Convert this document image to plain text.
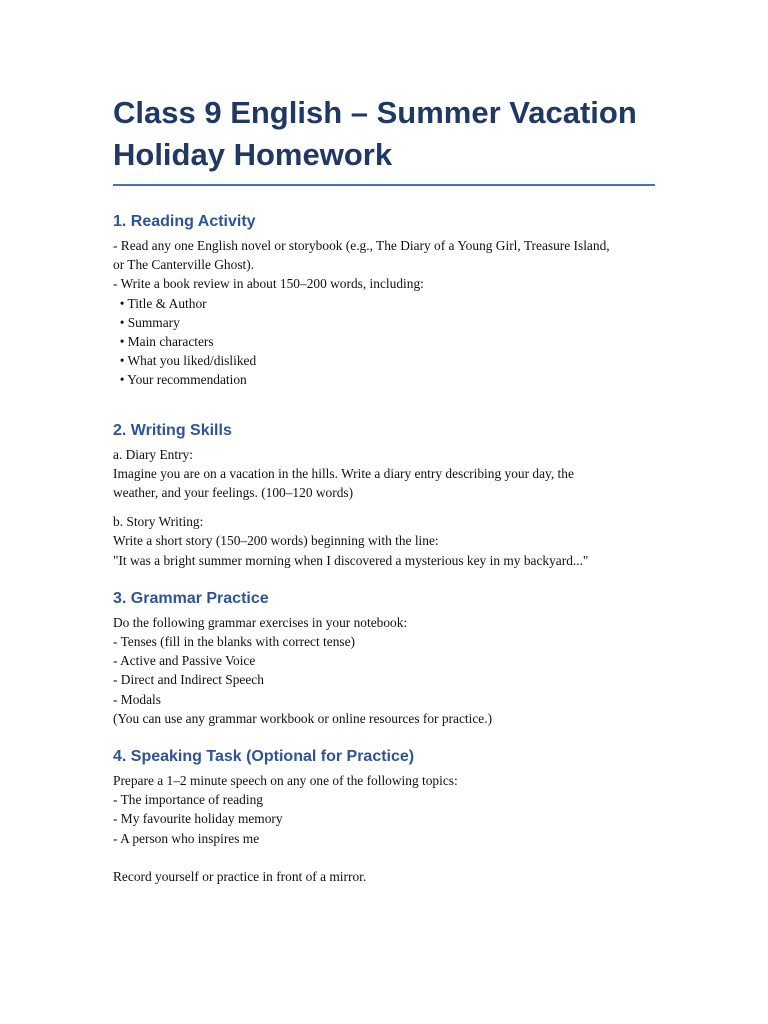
Class 9 English – Summer Vacation
Holiday Homework
1. Reading Activity
- Read any one English novel or storybook (e.g., The Diary of a Young Girl, Treasure Island,
or The Canterville Ghost).
- Write a book review in about 150–200 words, including:
• Title & Author
• Summary
• Main characters
• What you liked/disliked
• Your recommendation
2. Writing Skills
a. Diary Entry:
Imagine you are on a vacation in the hills. Write a diary entry describing your day, the
weather, and your feelings. (100–120 words)
b. Story Writing:
Write a short story (150–200 words) beginning with the line:
"It was a bright summer morning when I discovered a mysterious key in my backyard..."
3. Grammar Practice
Do the following grammar exercises in your notebook:
- Tenses (fill in the blanks with correct tense)
- Active and Passive Voice
- Direct and Indirect Speech
- Modals
(You can use any grammar workbook or online resources for practice.)
4. Speaking Task (Optional for Practice)
Prepare a 1–2 minute speech on any one of the following topics:
- The importance of reading
- My favourite holiday memory
- A person who inspires me
Record yourself or practice in front of a mirror.
